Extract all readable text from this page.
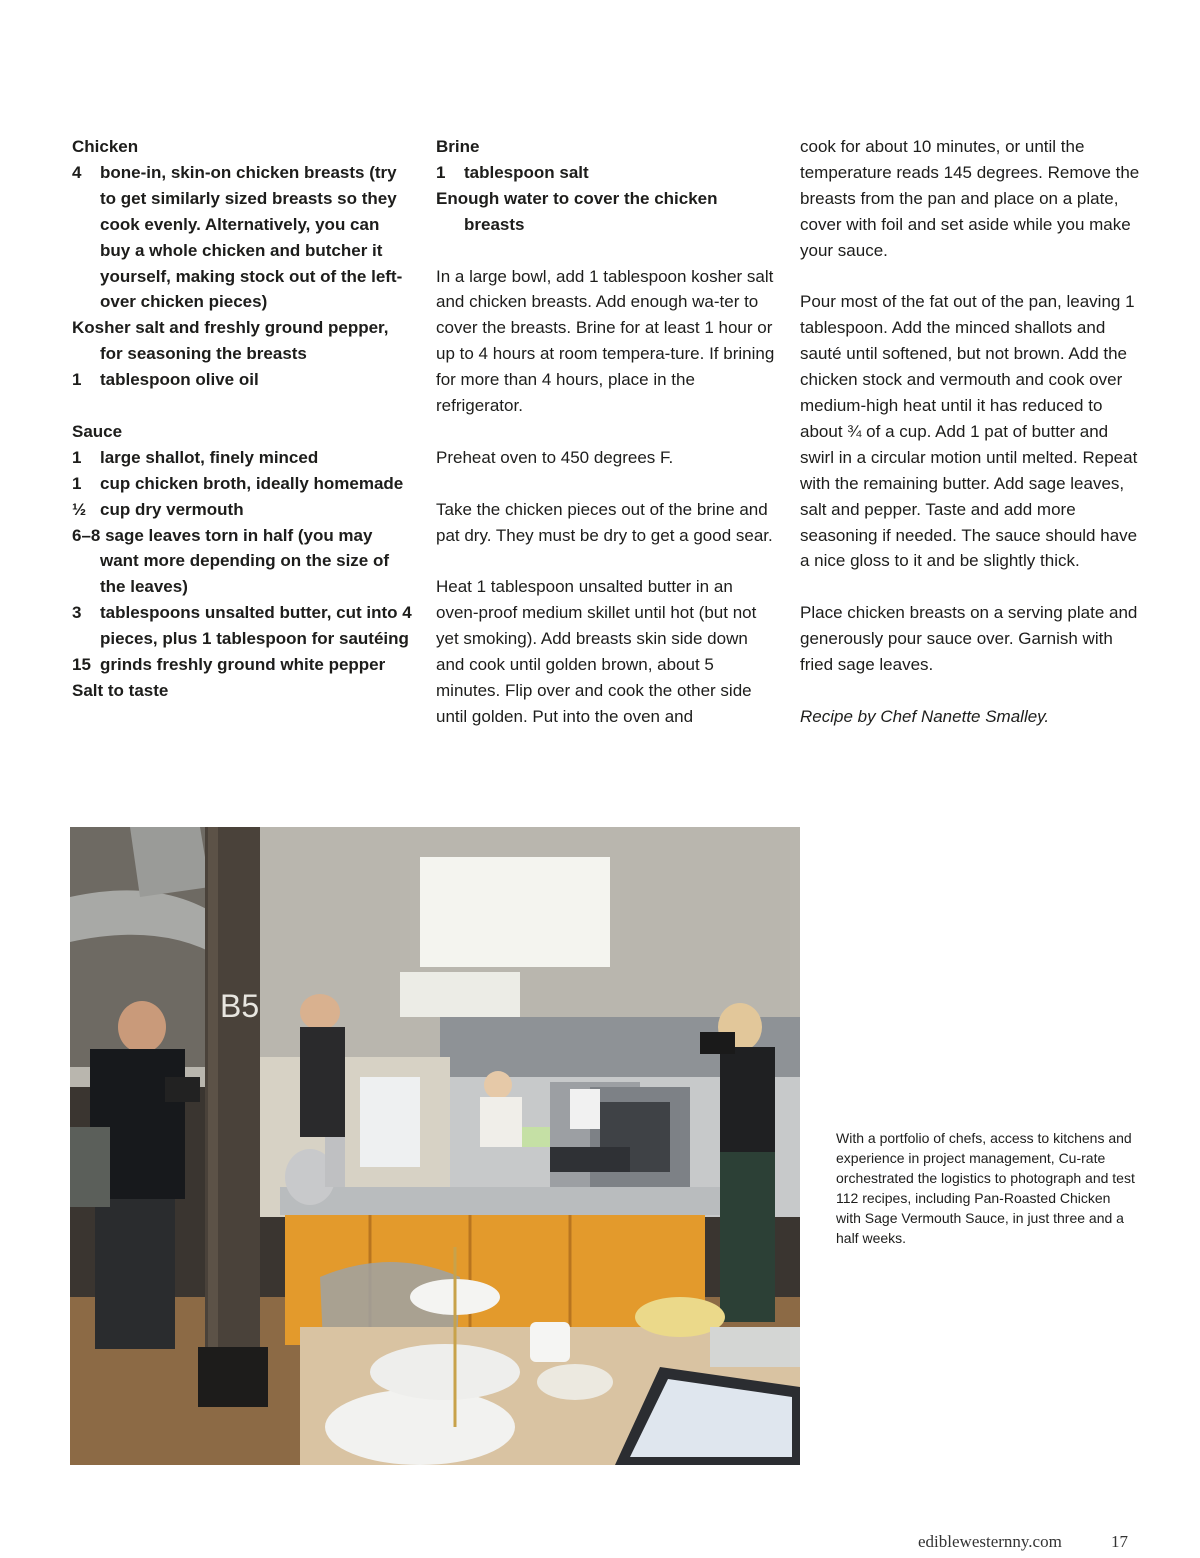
Chicken
4	bone-in, skin-on chicken breasts (try to get similarly sized breasts so they cook evenly. Alternatively, you can buy a whole chicken and butcher it yourself, making stock out of the left-over chicken pieces)
Kosher salt and freshly ground pepper, for seasoning the breasts
1	tablespoon olive oil
Sauce
1	large shallot, finely minced
1	cup chicken broth, ideally homemade
½ cup dry vermouth
6–8 sage leaves torn in half (you may want more depending on the size of the leaves)
3	tablespoons unsalted butter, cut into 4 pieces, plus 1 tablespoon for sautéing
15 grinds freshly ground white pepper
Salt to taste
Brine
1	tablespoon salt
Enough water to cover the chicken breasts

In a large bowl, add 1 tablespoon kosher salt and chicken breasts. Add enough wa-ter to cover the breasts. Brine for at least 1 hour or up to 4 hours at room tempera-ture. If brining for more than 4 hours, place in the refrigerator.

Preheat oven to 450 degrees F.

Take the chicken pieces out of the brine and pat dry. They must be dry to get a good sear.

Heat 1 tablespoon unsalted butter in an oven-proof medium skillet until hot (but not yet smoking). Add breasts skin side down and cook until golden brown, about 5 minutes. Flip over and cook the other side until golden. Put into the oven and

cook for about 10 minutes, or until the temperature reads 145 degrees. Remove the breasts from the pan and place on a plate, cover with foil and set aside while you make your sauce.

Pour most of the fat out of the pan, leaving 1 tablespoon. Add the minced shallots and sauté until softened, but not brown. Add the chicken stock and vermouth and cook over medium-high heat until it has reduced to about ¾ of a cup. Add 1 pat of butter and swirl in a circular motion until melted. Repeat with the remaining butter. Add sage leaves, salt and pepper. Taste and add more seasoning if needed. The sauce should have a nice gloss to it and be slightly thick.

Place chicken breasts on a serving plate and generously pour sauce over. Garnish with fried sage leaves.

Recipe by Chef Nanette Smalley.

B5
With a portfolio of chefs, access to kitchens and experience in project management, Cu-rate orchestrated the logistics to photograph and test 112 recipes, including Pan-Roasted Chicken with Sage Vermouth Sauce, in just three and a half weeks.
ediblewesternny.com	17
